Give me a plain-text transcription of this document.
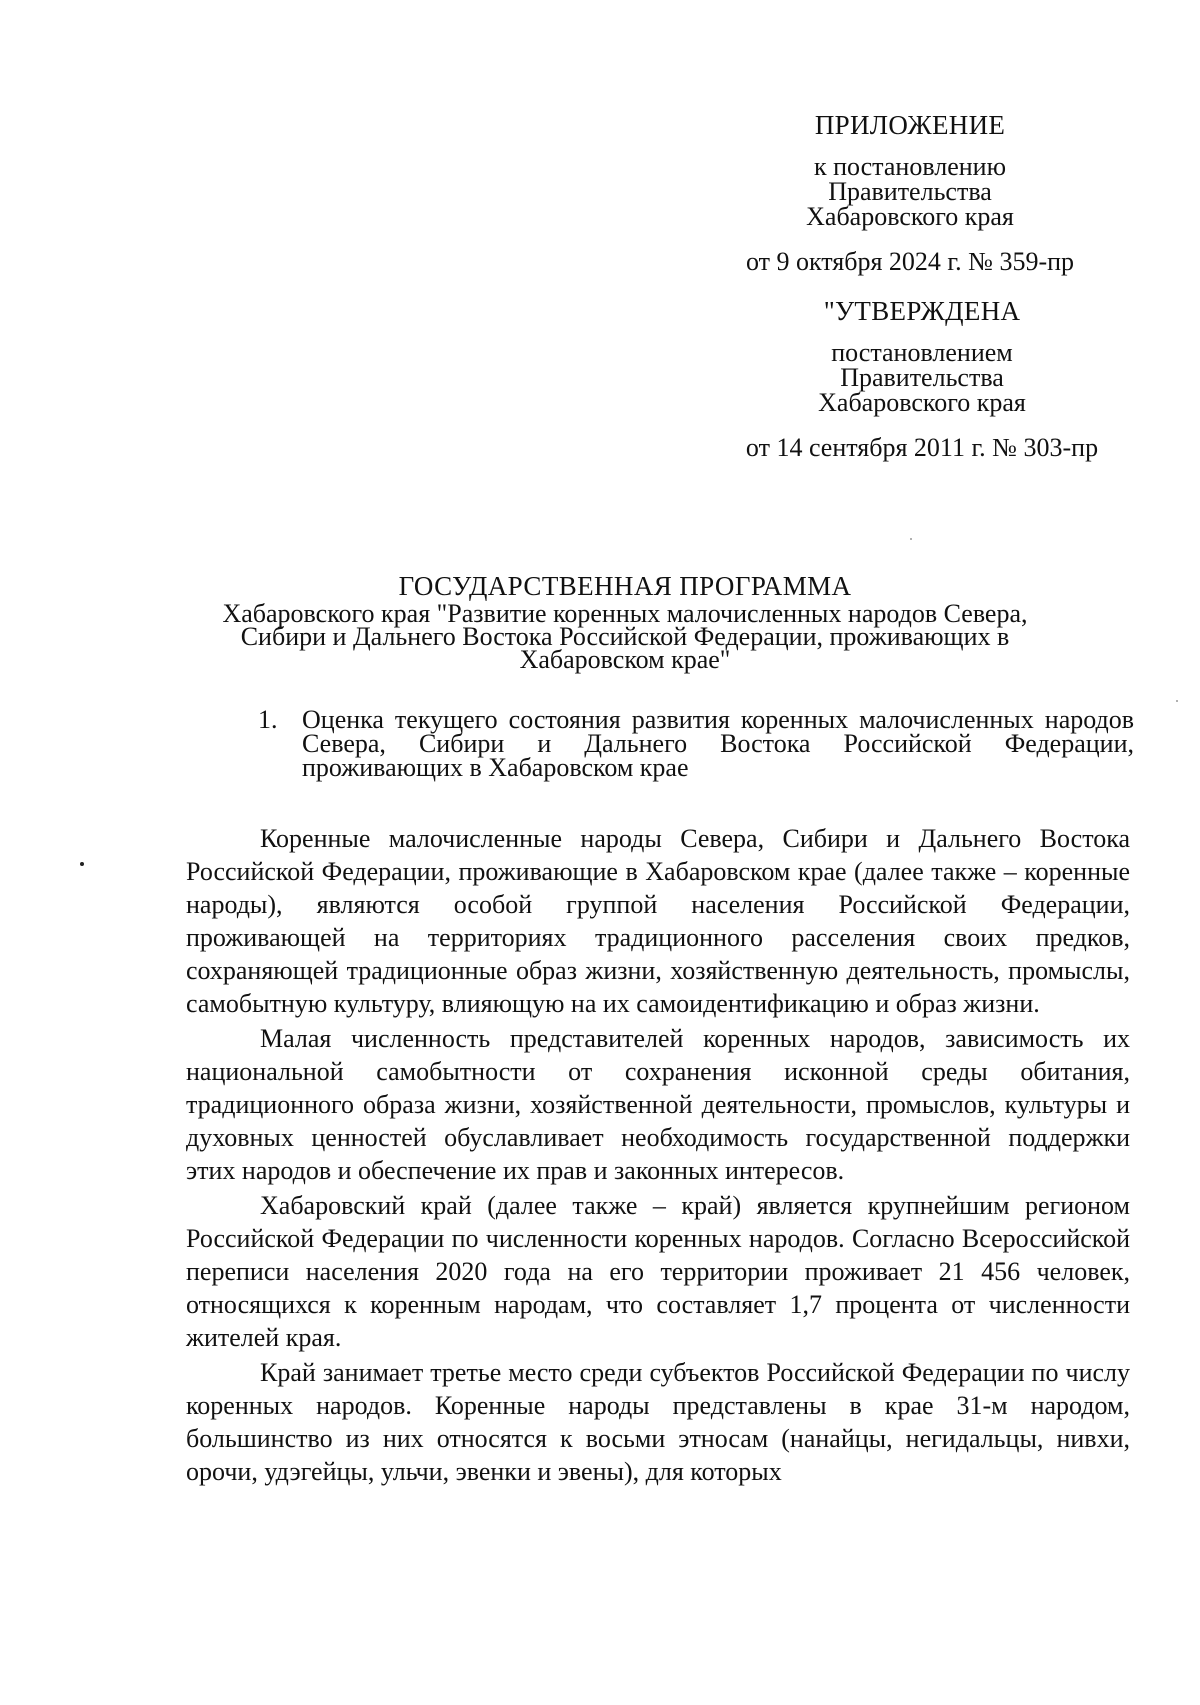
ПРИЛОЖЕНИЕ
к постановлению
Правительства
Хабаровского края
от 9 октября 2024 г. № 359-пр
"УТВЕРЖДЕНА
постановлением
Правительства
Хабаровского края
от 14 сентября 2011 г. № 303-пр
ГОСУДАРСТВЕННАЯ ПРОГРАММА
Хабаровского края "Развитие коренных малочисленных народов Севера,
Сибири и Дальнего Востока Российской Федерации, проживающих в
Хабаровском крае"
1. Оценка текущего состояния развития коренных малочисленных народов Севера, Сибири и Дальнего Востока Российской Федерации, проживающих в Хабаровском крае

Коренные малочисленные народы Севера, Сибири и Дальнего Востока Российской Федерации, проживающие в Хабаровском крае (далее также – коренные народы), являются особой группой населения Российской Федерации, проживающей на территориях традиционного расселения своих предков, сохраняющей традиционные образ жизни, хозяйственную деятельность, промыслы, самобытную культуру, влияющую на их самоидентификацию и образ жизни.

Малая численность представителей коренных народов, зависимость их национальной самобытности от сохранения исконной среды обитания, традиционного образа жизни, хозяйственной деятельности, промыслов, культуры и духовных ценностей обуславливает необходимость государственной поддержки этих народов и обеспечение их прав и законных интересов.

Хабаровский край (далее также – край) является крупнейшим регионом Российской Федерации по численности коренных народов. Согласно Всероссийской переписи населения 2020 года на его территории проживает 21 456 человек, относящихся к коренным народам, что составляет 1,7 процента от численности жителей края.

Край занимает третье место среди субъектов Российской Федерации по числу коренных народов. Коренные народы представлены в крае 31-м народом, большинство из них относятся к восьми этносам (нанайцы, негидальцы, нивхи, орочи, удэгейцы, ульчи, эвенки и эвены), для которых
